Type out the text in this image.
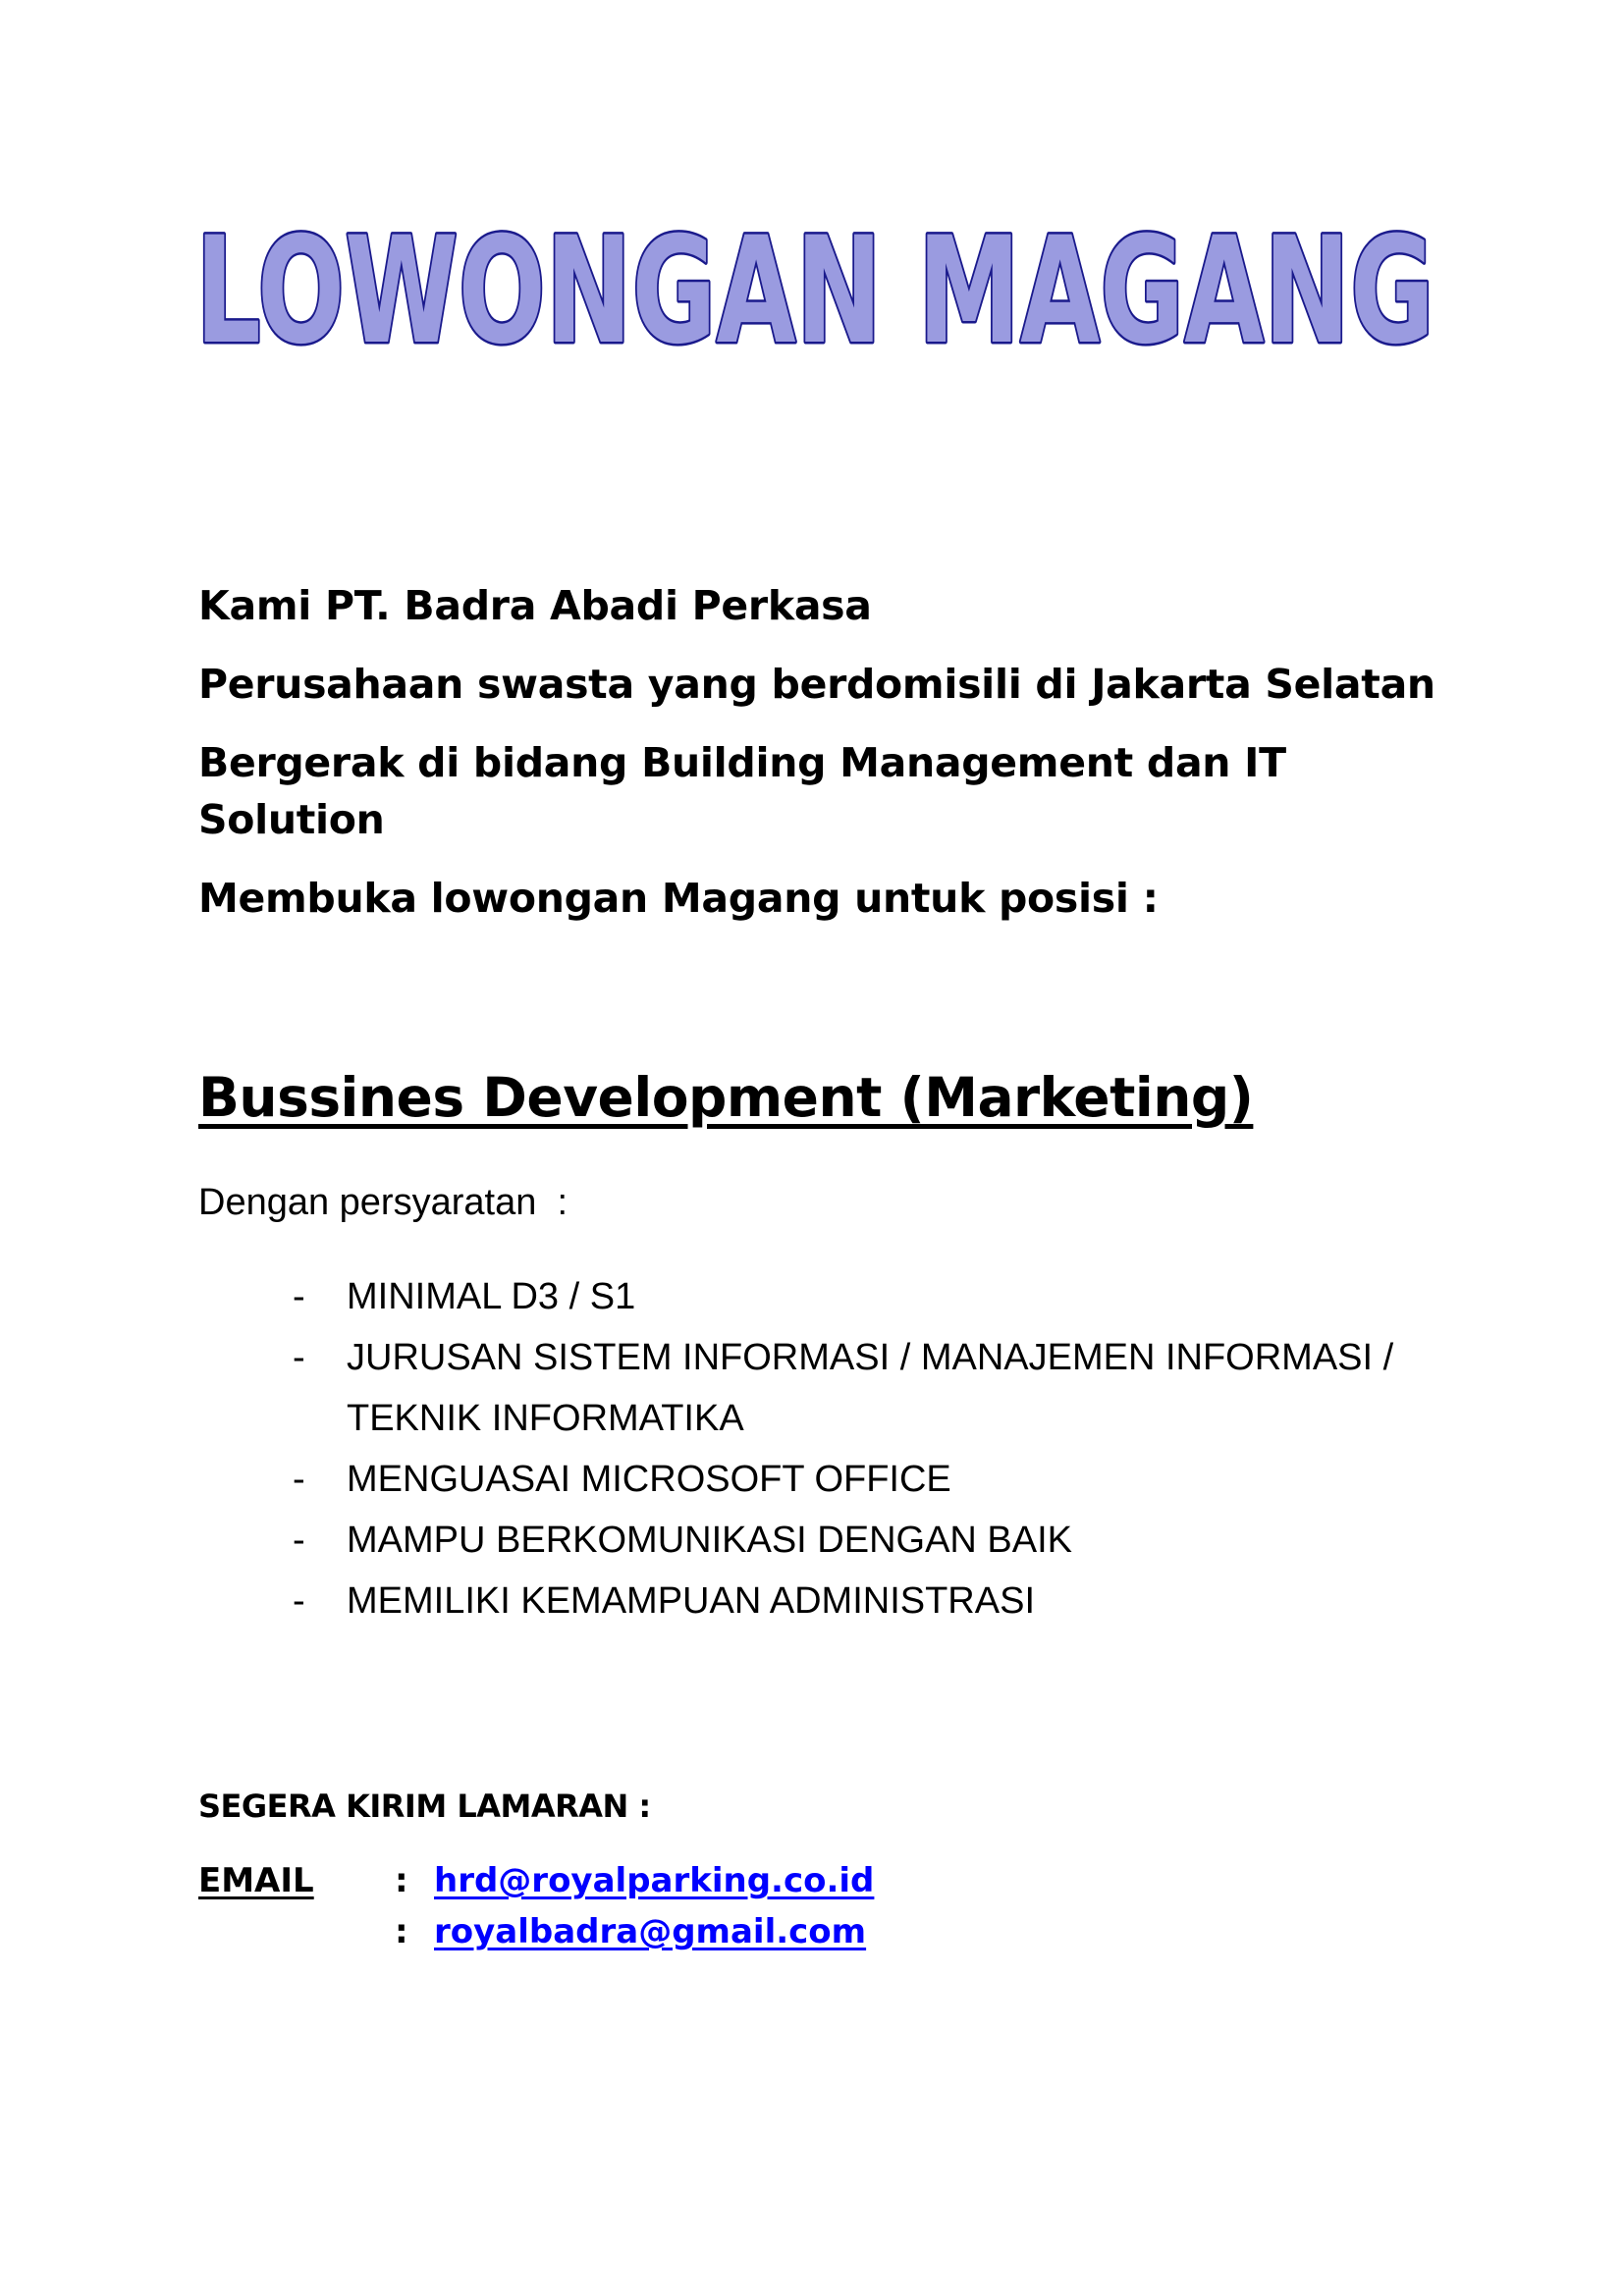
LOWONGAN MAGANG
Kami PT. Badra Abadi Perkasa
Perusahaan swasta yang berdomisili di Jakarta Selatan
Bergerak di bidang Building Management dan IT Solution
Membuka lowongan Magang untuk posisi :
Bussines Development (Marketing)
Dengan persyaratan  :
- MINIMAL D3 / S1
- JURUSAN SISTEM INFORMASI / MANAJEMEN INFORMASI / TEKNIK INFORMATIKA
- MENGUASAI MICROSOFT OFFICE
- MAMPU BERKOMUNIKASI DENGAN BAIK
- MEMILIKI KEMAMPUAN ADMINISTRASI
SEGERA KIRIM LAMARAN :
EMAIL : hrd@royalparking.co.id
: royalbadra@gmail.com
